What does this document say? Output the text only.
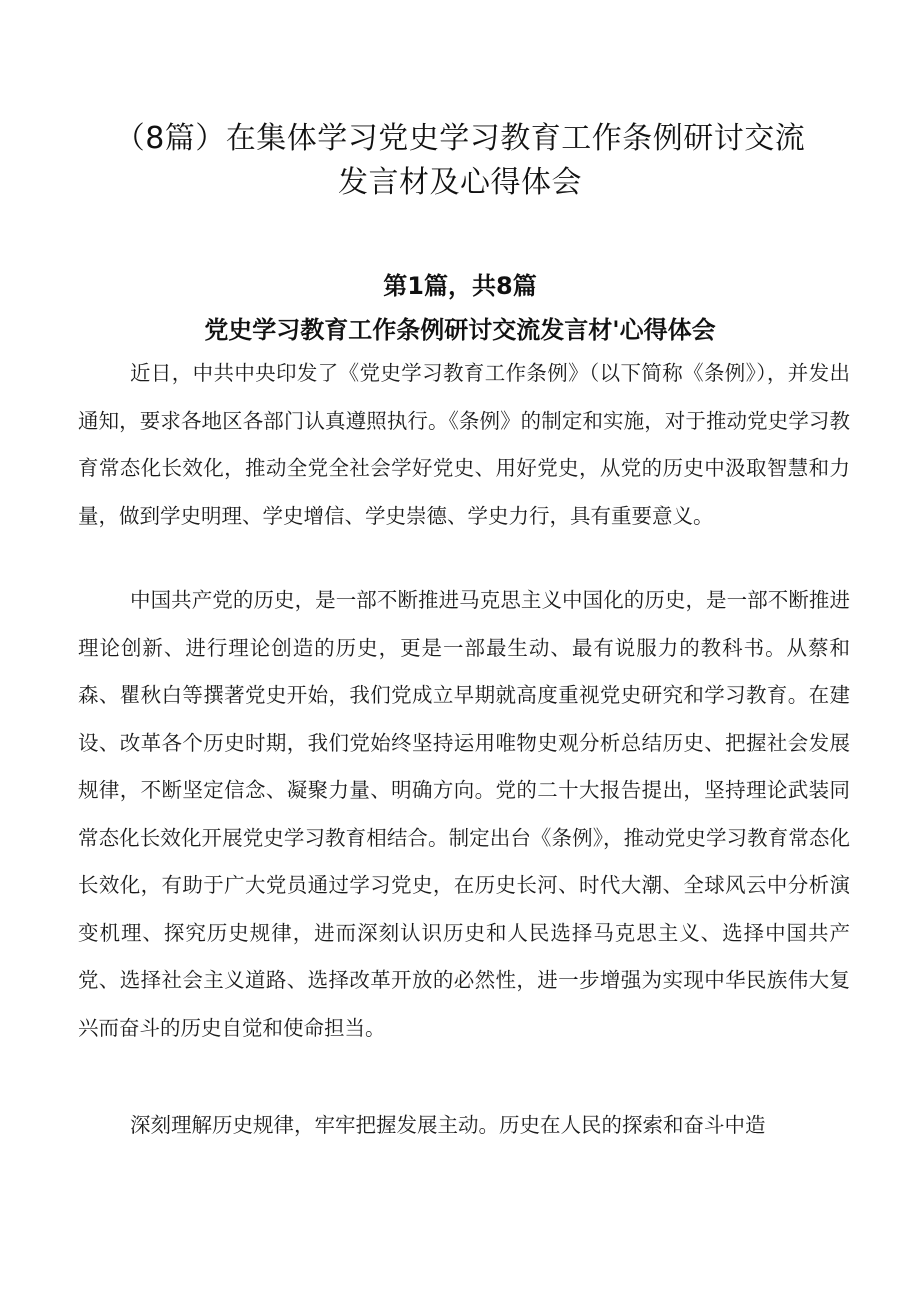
（8篇）在集体学习党史学习教育工作条例研讨交流
发言材及心得体会
第1篇，共8篇
党史学习教育工作条例研讨交流发言材'心得体会

近日，中共中央印发了《党史学习教育工作条例》（以下简称《条例》），并发出通知，要求各地区各部门认真遵照执行。《条例》的制定和实施，对于推动党史学习教育常态化长效化，推动全党全社会学好党史、用好党史，从党的历史中汲取智慧和力量，做到学史明理、学史增信、学史崇德、学史力行，具有重要意义。

中国共产党的历史，是一部不断推进马克思主义中国化的历史，是一部不断推进理论创新、进行理论创造的历史，更是一部最生动、最有说服力的教科书。从蔡和森、瞿秋白等撰著党史开始，我们党成立早期就高度重视党史研究和学习教育。在建设、改革各个历史时期，我们党始终坚持运用唯物史观分析总结历史、把握社会发展规律，不断坚定信念、凝聚力量、明确方向。党的二十大报告提出，坚持理论武装同常态化长效化开展党史学习教育相结合。制定出台《条例》，推动党史学习教育常态化长效化，有助于广大党员通过学习党史，在历史长河、时代大潮、全球风云中分析演变机理、探究历史规律，进而深刻认识历史和人民选择马克思主义、选择中国共产党、选择社会主义道路、选择改革开放的必然性，进一步增强为实现中华民族伟大复兴而奋斗的历史自觉和使命担当。

深刻理解历史规律，牢牢把握发展主动。历史在人民的探索和奋斗中造
